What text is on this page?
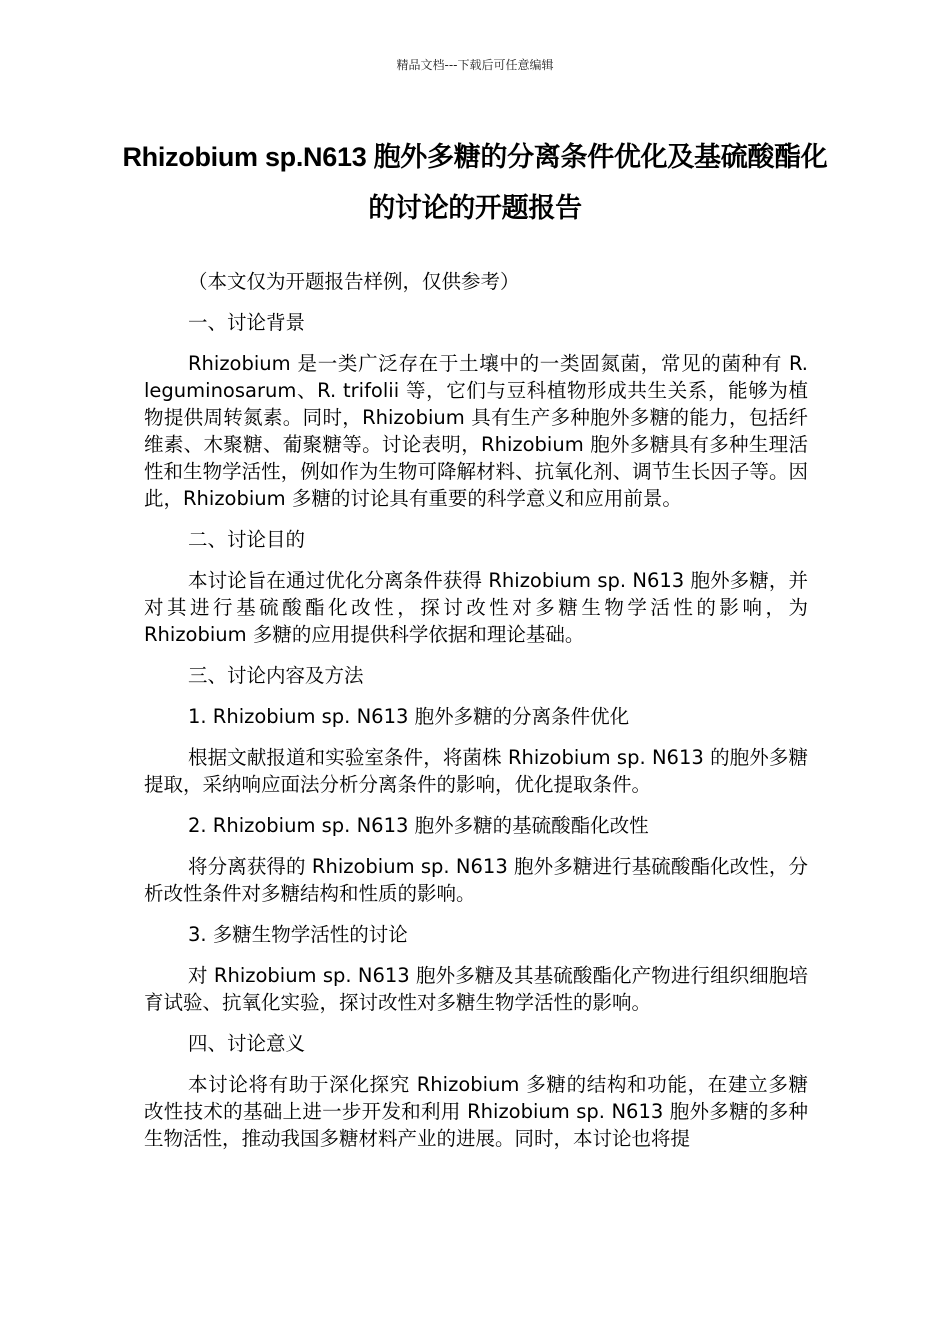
精品文档---下载后可任意编辑
Rhizobium sp.N613 胞外多糖的分离条件优化及基硫酸酯化的讨论的开题报告

（本文仅为开题报告样例，仅供参考）

一、讨论背景

Rhizobium 是一类广泛存在于土壤中的一类固氮菌，常见的菌种有 R. leguminosarum、R. trifolii 等，它们与豆科植物形成共生关系，能够为植物提供周转氮素。同时，Rhizobium 具有生产多种胞外多糖的能力，包括纤维素、木聚糖、葡聚糖等。讨论表明，Rhizobium 胞外多糖具有多种生理活性和生物学活性，例如作为生物可降解材料、抗氧化剂、调节生长因子等。因此，Rhizobium 多糖的讨论具有重要的科学意义和应用前景。

二、讨论目的

本讨论旨在通过优化分离条件获得 Rhizobium sp. N613 胞外多糖，并对其进行基硫酸酯化改性，探讨改性对多糖生物学活性的影响，为 Rhizobium 多糖的应用提供科学依据和理论基础。

三、讨论内容及方法

1. Rhizobium sp. N613 胞外多糖的分离条件优化

根据文献报道和实验室条件，将菌株 Rhizobium sp. N613 的胞外多糖提取，采纳响应面法分析分离条件的影响，优化提取条件。

2. Rhizobium sp. N613 胞外多糖的基硫酸酯化改性

将分离获得的 Rhizobium sp. N613 胞外多糖进行基硫酸酯化改性，分析改性条件对多糖结构和性质的影响。

3. 多糖生物学活性的讨论

对 Rhizobium sp. N613 胞外多糖及其基硫酸酯化产物进行组织细胞培育试验、抗氧化实验，探讨改性对多糖生物学活性的影响。

四、讨论意义

本讨论将有助于深化探究 Rhizobium 多糖的结构和功能，在建立多糖改性技术的基础上进一步开发和利用 Rhizobium sp. N613 胞外多糖的多种生物活性，推动我国多糖材料产业的进展。同时，本讨论也将提
